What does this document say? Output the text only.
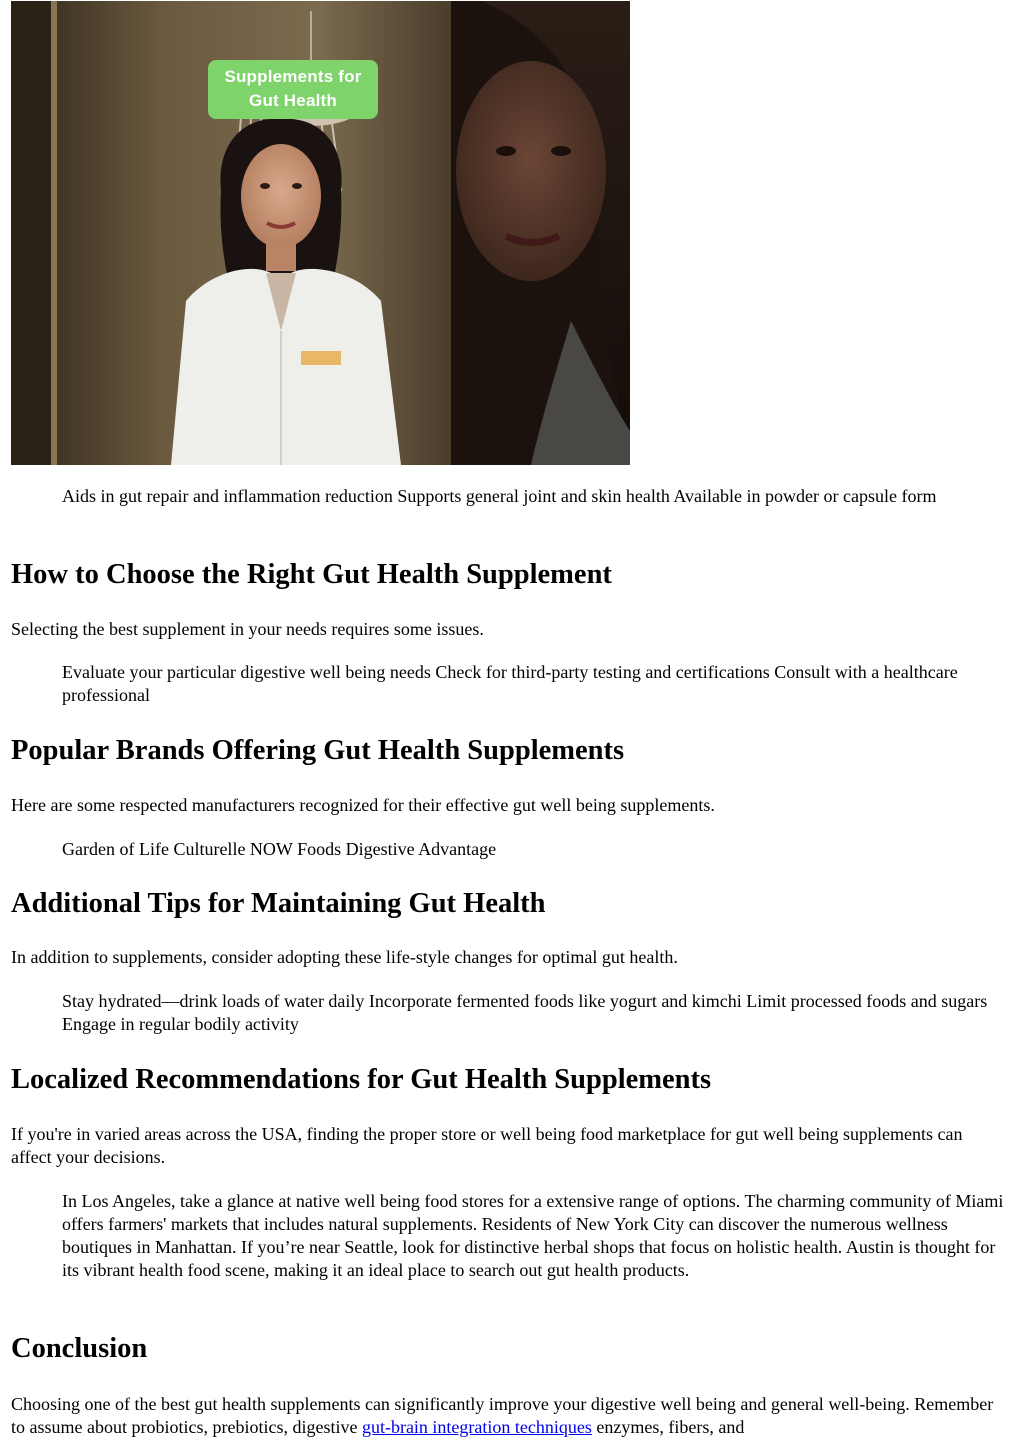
Supplements for
Gut Health
Aids in gut repair and inflammation reduction Supports general joint and skin health Available in powder or capsule form
How to Choose the Right Gut Health Supplement
Selecting the best supplement in your needs requires some issues.
Evaluate your particular digestive well being needs Check for third-party testing and certifications Consult with a healthcare professional
Popular Brands Offering Gut Health Supplements
Here are some respected manufacturers recognized for their effective gut well being supplements.
Garden of Life Culturelle NOW Foods Digestive Advantage
Additional Tips for Maintaining Gut Health
In addition to supplements, consider adopting these life-style changes for optimal gut health.
Stay hydrated—drink loads of water daily Incorporate fermented foods like yogurt and kimchi Limit processed foods and sugars Engage in regular bodily activity
Localized Recommendations for Gut Health Supplements
If you're in varied areas across the USA, finding the proper store or well being food marketplace for gut well being supplements can affect your decisions.
In Los Angeles, take a glance at native well being food stores for a extensive range of options. The charming community of Miami offers farmers' markets that includes natural supplements. Residents of New York City can discover the numerous wellness boutiques in Manhattan. If you’re near Seattle, look for distinctive herbal shops that focus on holistic health. Austin is thought for its vibrant health food scene, making it an ideal place to search out gut health products.
Conclusion
Choosing one of the best gut health supplements can significantly improve your digestive well being and general well-being. Remember to assume about probiotics, prebiotics, digestive gut-brain integration techniques enzymes, fibers, and
